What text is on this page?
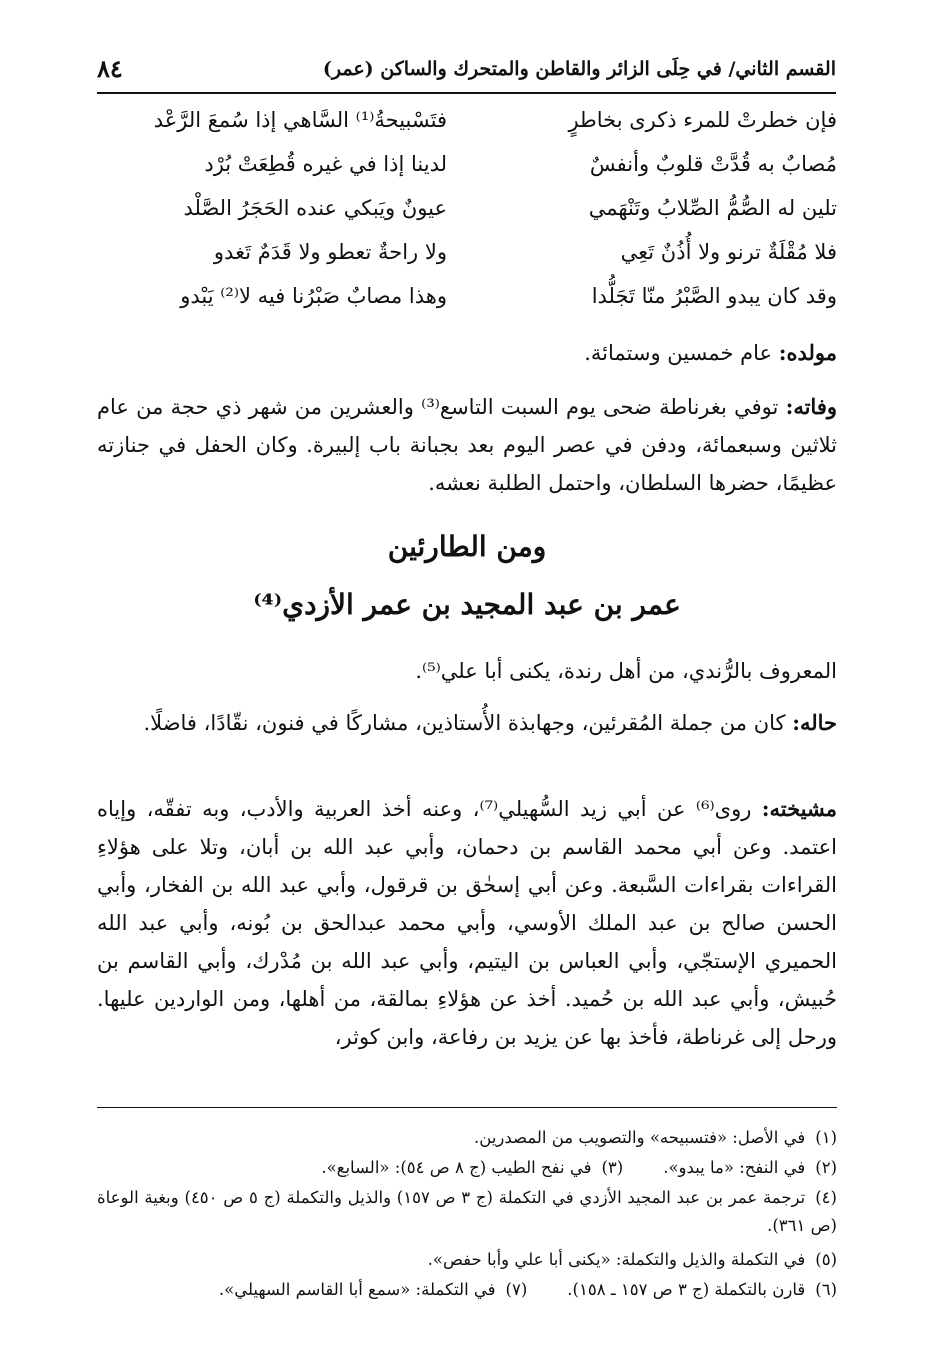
القسم الثاني/ في حِلَى الزائر والقاطن والمتحرك والساكن (عمر)
٨٤
فإن خطرتْ للمرء ذكرى بخاطرٍ
فتَسْبيحةُ⁽¹⁾ السَّاهي إذا سُمعَ الرَّعْد
مُصابٌ به قُدَّتْ قلوبٌ وأنفسٌ
لدينا إذا في غيره قُطِعَتْ بُرْد
تلين له الصُّمُّ الصِّلابُ وتَنْهَمي
عيونٌ ويَبكي عنده الحَجَرُ الصَّلْد
فلا مُقْلَةٌ ترنو ولا أُذُنٌ تَعِي
ولا راحةٌ تعطو ولا قَدَمٌ تَغدو
وقد كان يبدو الصَّبْرُ منّا تَجَلُّدا
وهذا مصابٌ صَبْرُنا فيه لا⁽²⁾ يَبْدو
مولده: عام خمسين وستمائة.
وفاته: توفي بغرناطة ضحى يوم السبت التاسع⁽³⁾ والعشرين من شهر ذي حجة من عام ثلاثين وسبعمائة، ودفن في عصر اليوم بعد بجبانة باب إلبيرة. وكان الحفل في جنازته عظيمًا، حضرها السلطان، واحتمل الطلبة نعشه.
ومن الطارئين
عمر بن عبد المجيد بن عمر الأزدي⁽⁴⁾
المعروف بالرُّندي، من أهل رندة، يكنى أبا علي⁽⁵⁾.
حاله: كان من جملة المُقرئين، وجهابذة الأُستاذين، مشاركًا في فنون، نقّادًا، فاضلًا.
مشيخته: روى⁽⁶⁾ عن أبي زيد السُّهيلي⁽⁷⁾، وعنه أخذ العربية والأدب، وبه تفقّه، وإياه اعتمد. وعن أبي محمد القاسم بن دحمان، وأبي عبد الله بن أبان، وتلا على هؤلاءِ القراءات بقراءات السَّبعة. وعن أبي إسحٰق بن قرقول، وأبي عبد الله بن الفخار، وأبي الحسن صالح بن عبد الملك الأوسي، وأبي محمد عبدالحق بن بُونه، وأبي عبد الله الحميري الإستجّي، وأبي العباس بن اليتيم، وأبي عبد الله بن مُدْرك، وأبي القاسم بن حُبيش، وأبي عبد الله بن حُميد. أخذ عن هؤلاءِ بمالقة، من أهلها، ومن الواردين عليها. ورحل إلى غرناطة، فأخذ بها عن يزيد بن رفاعة، وابن كوثر،
(١)في الأصل: «فتسبيحه» والتصويب من المصدرين.
(٢)في النفح: «ما يبدو».(٣)في نفح الطيب (ج ٨ ص ٥٤): «السابع».
(٤)ترجمة عمر بن عبد المجيد الأزدي في التكملة (ج ٣ ص ١٥٧) والذيل والتكملة (ج ٥ ص ٤٥٠) وبغية الوعاة (ص ٣٦١).
(٥)في التكملة والذيل والتكملة: «يكنى أبا علي وأبا حفص».
(٦)قارن بالتكملة (ج ٣ ص ١٥٧ ـ ١٥٨).(٧)في التكملة: «سمع أبا القاسم السهيلي».
